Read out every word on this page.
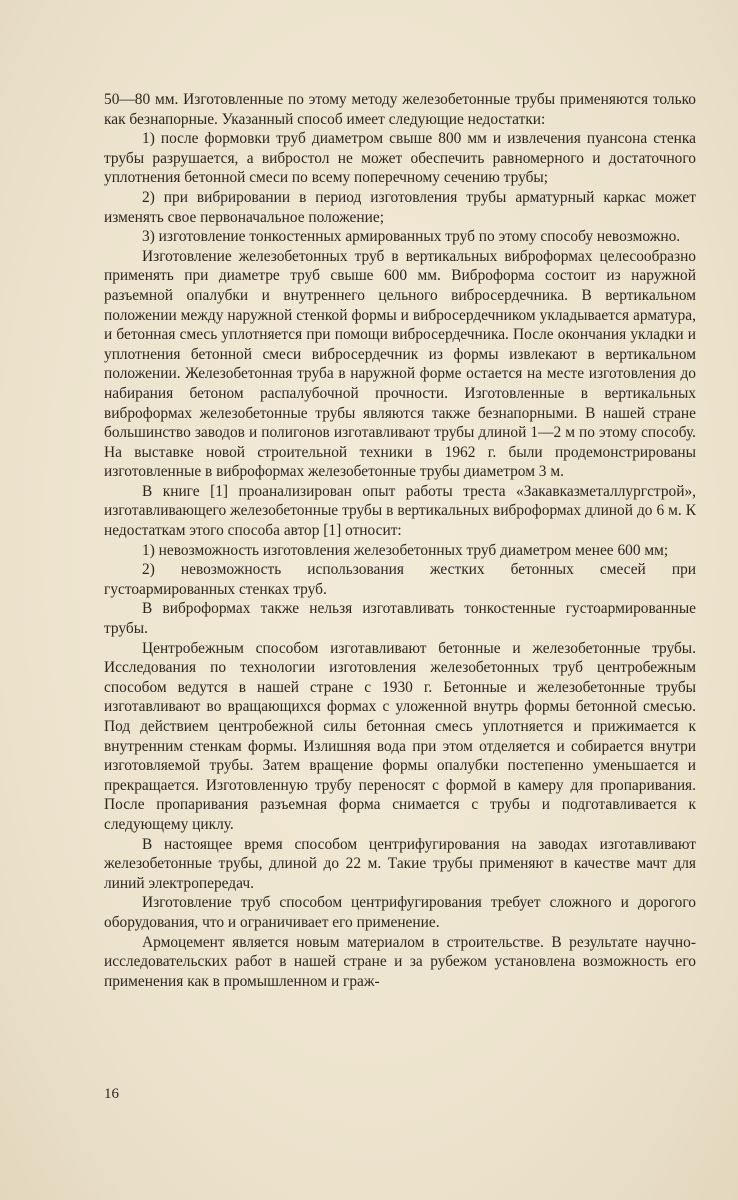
50—80 мм. Изготовленные по этому методу железобетонные трубы применяются только как безнапорные. Указанный способ имеет следующие недостатки:

1) после формовки труб диаметром свыше 800 мм и извлечения пуансона стенка трубы разрушается, а вибростол не может обеспечить равномерного и достаточного уплотнения бетонной смеси по всему поперечному сечению трубы;

2) при вибрировании в период изготовления трубы арматурный каркас может изменять свое первоначальное положение;

3) изготовление тонкостенных армированных труб по этому способу невозможно.

Изготовление железобетонных труб в вертикальных виброформах целесообразно применять при диаметре труб свыше 600 мм. Виброформа состоит из наружной разъемной опалубки и внутреннего цельного вибросердечника. В вертикальном положении между наружной стенкой формы и вибросердечником укладывается арматура, и бетонная смесь уплотняется при помощи вибросердечника. После окончания укладки и уплотнения бетонной смеси вибросердечник из формы извлекают в вертикальном положении. Железобетонная труба в наружной форме остается на месте изготовления до набирания бетоном распалубочной прочности. Изготовленные в вертикальных виброформах железобетонные трубы являются также безнапорными. В нашей стране большинство заводов и полигонов изготавливают трубы длиной 1—2 м по этому способу. На выставке новой строительной техники в 1962 г. были продемонстрированы изготовленные в виброформах железобетонные трубы диаметром 3 м.

В книге [1] проанализирован опыт работы треста «Закавказметаллургстрой», изготавливающего железобетонные трубы в вертикальных виброформах длиной до 6 м. К недостаткам этого способа автор [1] относит:

1) невозможность изготовления железобетонных труб диаметром менее 600 мм;

2) невозможность использования жестких бетонных смесей при густоармированных стенках труб.

В виброформах также нельзя изготавливать тонкостенные густоармированные трубы.

Центробежным способом изготавливают бетонные и железобетонные трубы. Исследования по технологии изготовления железобетонных труб центробежным способом ведутся в нашей стране с 1930 г. Бетонные и железобетонные трубы изготавливают во вращающихся формах с уложенной внутрь формы бетонной смесью. Под действием центробежной силы бетонная смесь уплотняется и прижимается к внутренним стенкам формы. Излишняя вода при этом отделяется и собирается внутри изготовляемой трубы. Затем вращение формы опалубки постепенно уменьшается и прекращается. Изготовленную трубу переносят с формой в камеру для пропаривания. После пропаривания разъемная форма снимается с трубы и подготавливается к следующему циклу.

В настоящее время способом центрифугирования на заводах изготавливают железобетонные трубы, длиной до 22 м. Такие трубы применяют в качестве мачт для линий электропередач.

Изготовление труб способом центрифугирования требует сложного и дорогого оборудования, что и ограничивает его применение.

Армоцемент является новым материалом в строительстве. В результате научно-исследовательских работ в нашей стране и за рубежом установлена возможность его применения как в промышленном и граж-

16
